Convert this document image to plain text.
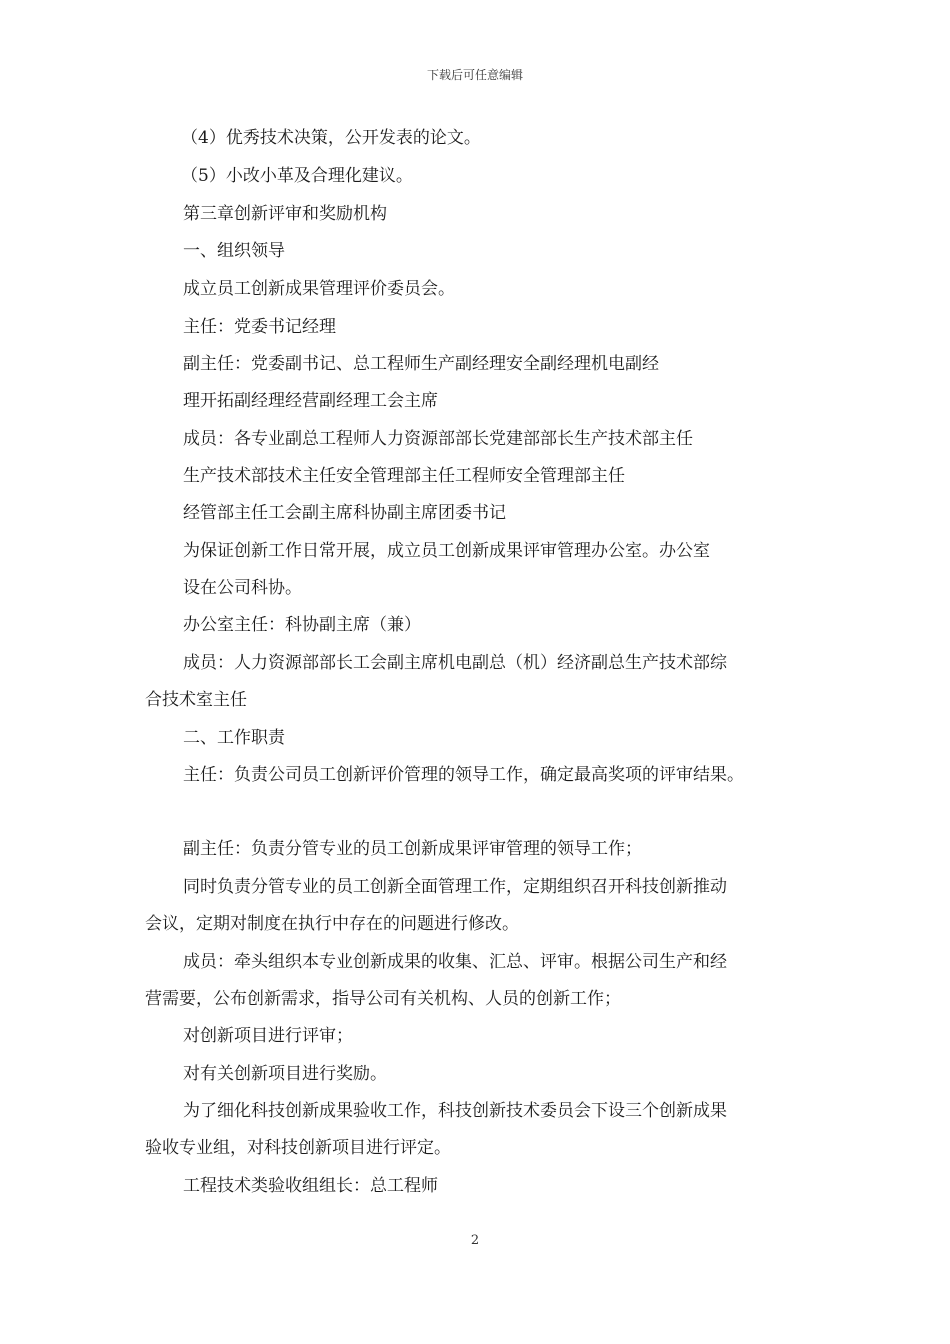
下载后可任意编辑
（4）优秀技术决策，公开发表的论文。
（5）小改小革及合理化建议。
第三章创新评审和奖励机构
一、组织领导
成立员工创新成果管理评价委员会。
主任：党委书记经理
副主任：党委副书记、总工程师生产副经理安全副经理机电副经
理开拓副经理经营副经理工会主席
成员：各专业副总工程师人力资源部部长党建部部长生产技术部主任
生产技术部技术主任安全管理部主任工程师安全管理部主任
经管部主任工会副主席科协副主席团委书记
为保证创新工作日常开展，成立员工创新成果评审管理办公室。办公室
设在公司科协。
办公室主任：科协副主席（兼）
成员：人力资源部部长工会副主席机电副总（机）经济副总生产技术部综
合技术室主任
二、工作职责
主任：负责公司员工创新评价管理的领导工作，确定最高奖项的评审结果。
副主任：负责分管专业的员工创新成果评审管理的领导工作；
同时负责分管专业的员工创新全面管理工作，定期组织召开科技创新推动
会议，定期对制度在执行中存在的问题进行修改。
成员：牵头组织本专业创新成果的收集、汇总、评审。根据公司生产和经
营需要，公布创新需求，指导公司有关机构、人员的创新工作；
对创新项目进行评审；
对有关创新项目进行奖励。
为了细化科技创新成果验收工作，科技创新技术委员会下设三个创新成果
验收专业组，对科技创新项目进行评定。
工程技术类验收组组长：总工程师
2
